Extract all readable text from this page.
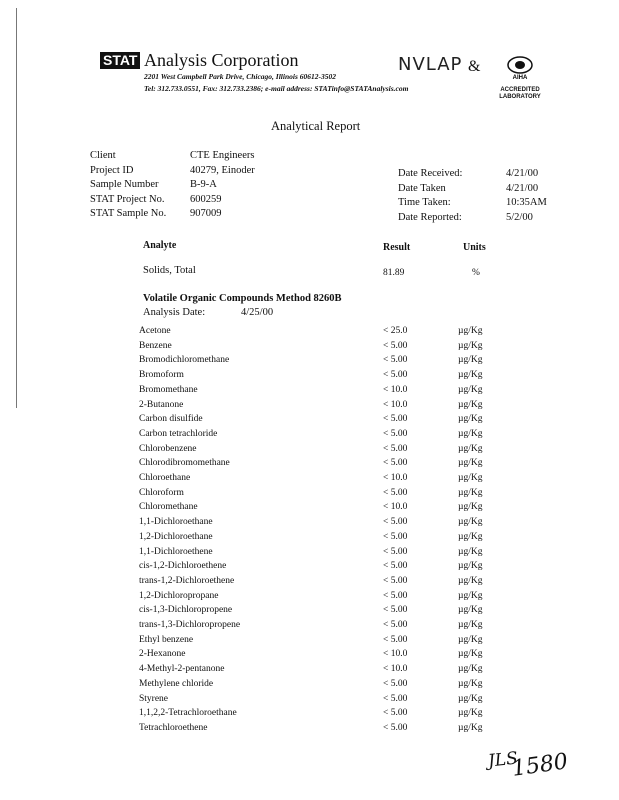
STAT Analysis Corporation
2201 West Campbell Park Drive, Chicago, Illinois 60612-3502
Tel: 312.733.0551, Fax: 312.733.2386; e-mail address: STATinfo@STATAnalysis.com
NVLAP &
AIHA
ACCREDITED
LABORATORY
Analytical Report
Client	CTE Engineers
Project ID	40279, Einoder
Sample Number	B-9-A
STAT Project No. 600259
STAT Sample No. 907009
Date Received:	4/21/00
Date Taken	4/21/00
Time Taken:	10:35AM
Date Reported:	5/2/00
Analyte	Result	Units
Solids, Total	81.89	%
Volatile Organic Compounds Method 8260B
Analysis Date:	4/25/00
Acetone	< 25.0	µg/Kg
Benzene	< 5.00	µg/Kg
Bromodichloromethane	< 5.00	µg/Kg
Bromoform	< 5.00	µg/Kg
Bromomethane	< 10.0	µg/Kg
2-Butanone	< 10.0	µg/Kg
Carbon disulfide	< 5.00	µg/Kg
Carbon tetrachloride	< 5.00	µg/Kg
Chlorobenzene	< 5.00	µg/Kg
Chlorodibromomethane	< 5.00	µg/Kg
Chloroethane	< 10.0	µg/Kg
Chloroform	< 5.00	µg/Kg
Chloromethane	< 10.0	µg/Kg
1,1-Dichloroethane	< 5.00	µg/Kg
1,2-Dichloroethane	< 5.00	µg/Kg
1,1-Dichloroethene	< 5.00	µg/Kg
cis-1,2-Dichloroethene	< 5.00	µg/Kg
trans-1,2-Dichloroethene	< 5.00	µg/Kg
1,2-Dichloropropane	< 5.00	µg/Kg
cis-1,3-Dichloropropene	< 5.00	µg/Kg
trans-1,3-Dichloropropene	< 5.00	µg/Kg
Ethyl benzene	< 5.00	µg/Kg
2-Hexanone	< 10.0	µg/Kg
4-Methyl-2-pentanone	< 10.0	µg/Kg
Methylene chloride	< 5.00	µg/Kg
Styrene	< 5.00	µg/Kg
1,1,2,2-Tetrachloroethane	< 5.00	µg/Kg
Tetrachloroethene	< 5.00	µg/Kg
JLS
1580
